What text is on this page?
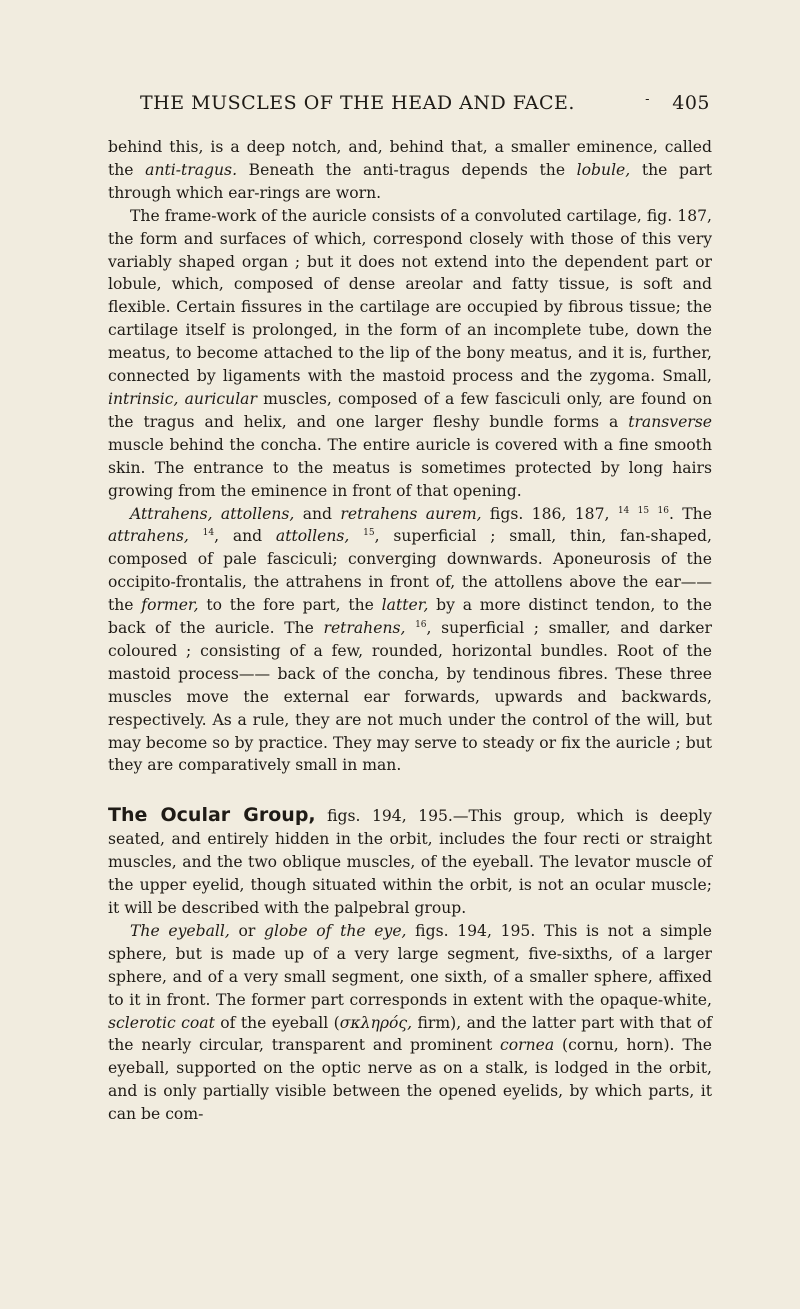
THE MUSCLES OF THE HEAD AND FACE.	- 405

behind this, is a deep notch, and, behind that, a smaller eminence, called the anti-tragus. Beneath the anti-tragus depends the lobule, the part through which ear-rings are worn.

The frame-work of the auricle consists of a convoluted cartilage, fig. 187, the form and surfaces of which, correspond closely with those of this very variably shaped organ ; but it does not extend into the dependent part or lobule, which, composed of dense areolar and fatty tissue, is soft and flexible. Certain fissures in the cartilage are occupied by fibrous tissue; the cartilage itself is prolonged, in the form of an incomplete tube, down the meatus, to become attached to the lip of the bony meatus, and it is, further, connected by ligaments with the mastoid process and the zygoma. Small, intrinsic, auricular muscles, composed of a few fasciculi only, are found on the tragus and helix, and one larger fleshy bundle forms a transverse muscle behind the concha. The entire auricle is covered with a fine smooth skin. The entrance to the meatus is sometimes protected by long hairs growing from the eminence in front of that opening.

Attrahens, attollens, and retrahens aurem, figs. 186, 187, $^{14}$ $^{15}$ $^{16}$. The attrahens, $^{14}$, and attollens, $^{15}$, superficial ; small, thin, fan-shaped, composed of pale fasciculi; converging downwards. Aponeurosis of the occipito-frontalis, the attrahens in front of, the attollens above the ear——the former, to the fore part, the latter, by a more distinct tendon, to the back of the auricle. The retrahens, $^{16}$, superficial ; smaller, and darker coloured ; consisting of a few, rounded, horizontal bundles. Root of the mastoid process—— back of the concha, by tendinous fibres. These three muscles move the external ear forwards, upwards and backwards, respectively. As a rule, they are not much under the control of the will, but may become so by practice. They may serve to steady or fix the auricle ; but they are comparatively small in man.

The Ocular Group, figs. 194, 195.—This group, which is deeply seated, and entirely hidden in the orbit, includes the four recti or straight muscles, and the two oblique muscles, of the eyeball. The levator muscle of the upper eyelid, though situated within the orbit, is not an ocular muscle; it will be described with the palpebral group.

The eyeball, or globe of the eye, figs. 194, 195. This is not a simple sphere, but is made up of a very large segment, five-sixths, of a larger sphere, and of a very small segment, one sixth, of a smaller sphere, affixed to it in front. The former part corresponds in extent with the opaque-white, sclerotic coat of the eyeball (σκληρός, firm), and the latter part with that of the nearly circular, transparent and prominent cornea (cornu, horn). The eyeball, supported on the optic nerve as on a stalk, is lodged in the orbit, and is only partially visible between the opened eyelids, by which parts, it can be com-
